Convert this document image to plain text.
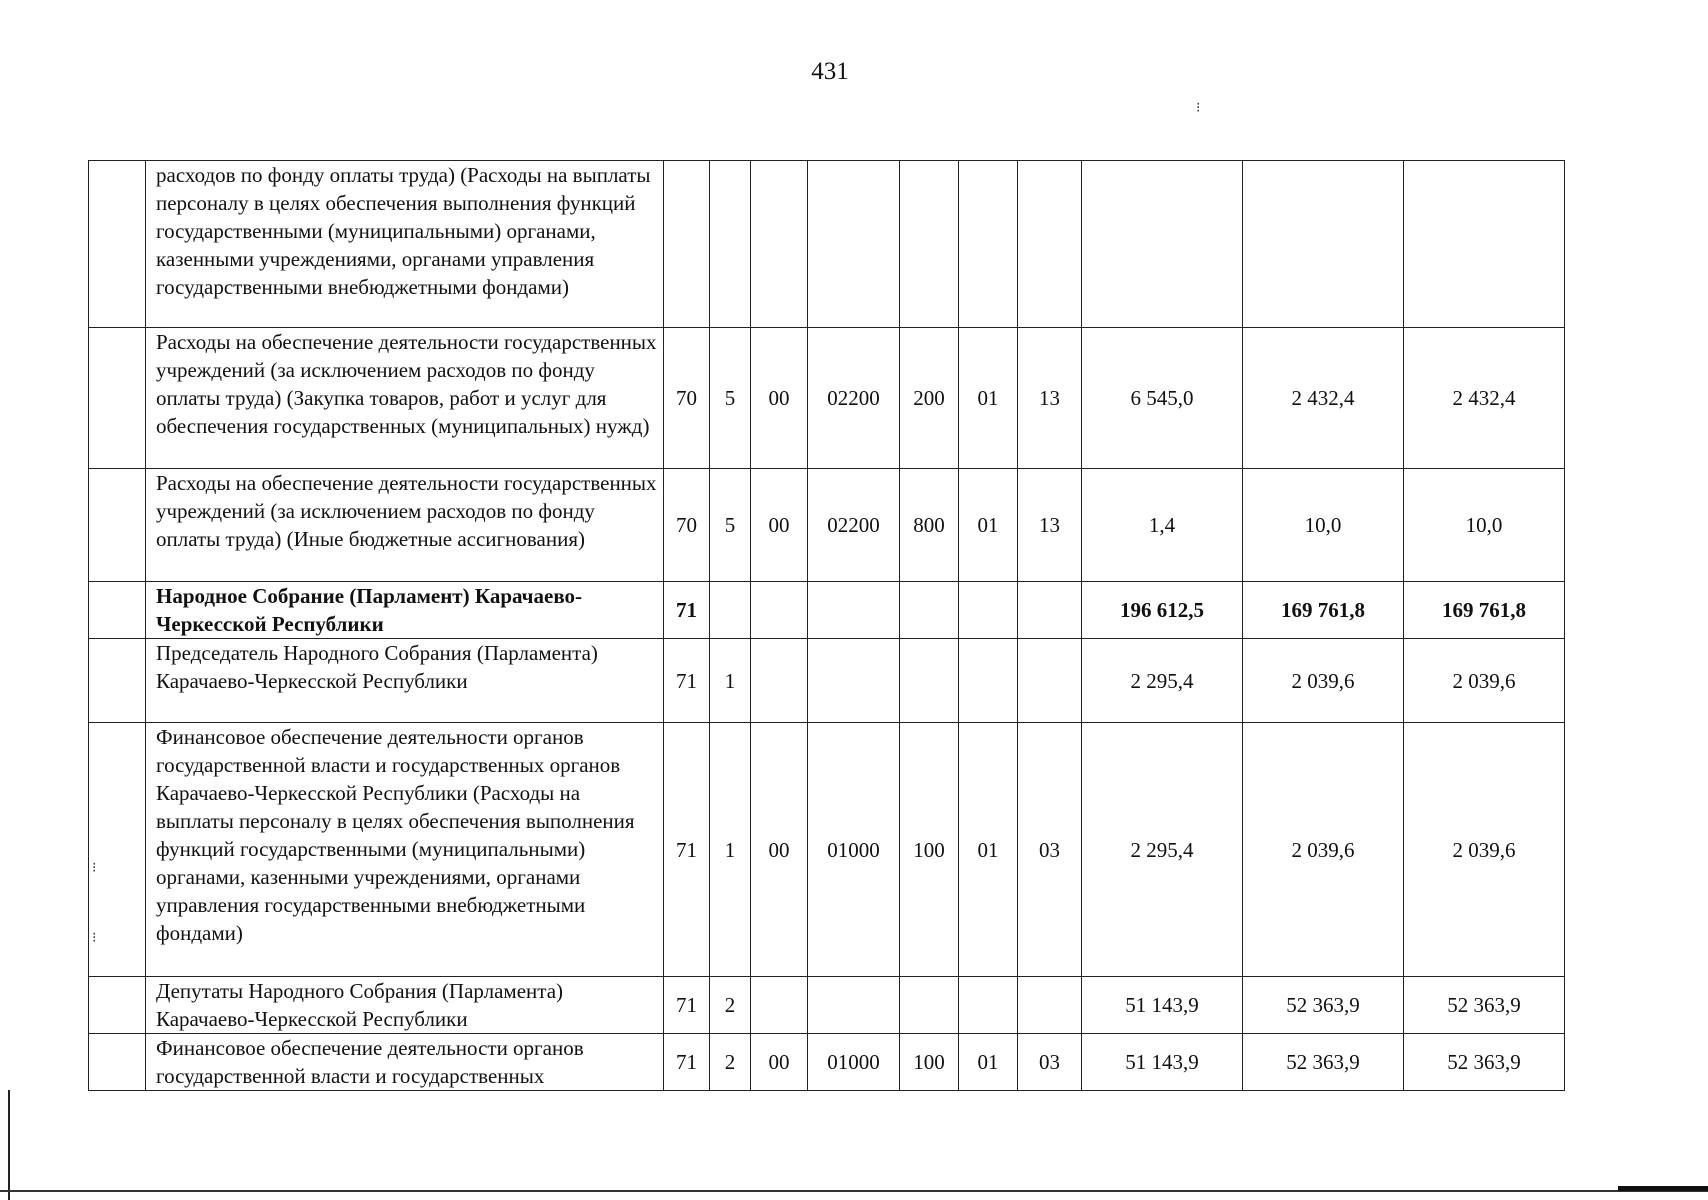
431
	расходов по фонду оплаты труда) (Расходы на выплаты персоналу в целях обеспечения выполнения функций государственными (муниципальными) органами, казенными учреждениями, органами управления государственными внебюджетными фондами)										
	Расходы на обеспечение деятельности государственных учреждений (за исключением расходов по фонду оплаты труда) (Закупка товаров, работ и услуг для обеспечения государственных (муниципальных) нужд)	70	5	00	02200	200	01	13	6 545,0	2 432,4	2 432,4
	Расходы на обеспечение деятельности государственных учреждений (за исключением расходов по фонду оплаты труда) (Иные бюджетные ассигнования)	70	5	00	02200	800	01	13	1,4	10,0	10,0
	Народное Собрание (Парламент) Карачаево-Черкесской Республики	71							196 612,5	169 761,8	169 761,8
	Председатель Народного Собрания (Парламента) Карачаево-Черкесской Республики	71	1						2 295,4	2 039,6	2 039,6
	Финансовое обеспечение деятельности органов государственной власти и государственных органов Карачаево-Черкесской Республики (Расходы на выплаты персоналу в целях обеспечения выполнения функций государственными (муниципальными) органами, казенными учреждениями, органами управления государственными внебюджетными фондами)	71	1	00	01000	100	01	03	2 295,4	2 039,6	2 039,6
	Депутаты Народного Собрания (Парламента) Карачаево-Черкесской Республики	71	2						51 143,9	52 363,9	52 363,9
	Финансовое обеспечение деятельности органов государственной власти и государственных	71	2	00	01000	100	01	03	51 143,9	52 363,9	52 363,9
⁝
⁝
⁝
